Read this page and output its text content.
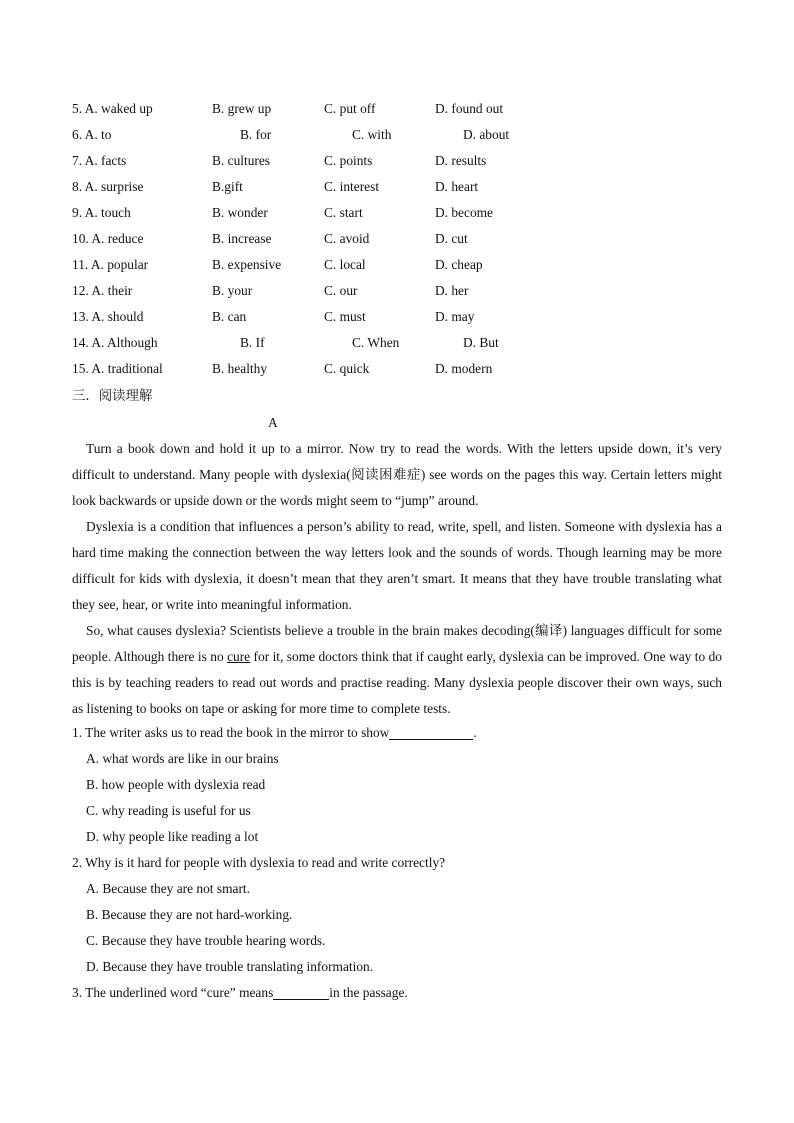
5. A. waked up	B. grew up	C. put off	D. found out
6. A. to	B. for	C. with	D. about
7. A. facts	B. cultures	C. points	D. results
8. A. surprise	B.gift	C. interest	D. heart
9. A. touch	B. wonder	C. start	D. become
10. A. reduce	B. increase	C. avoid	D. cut
11. A. popular	B. expensive	C. local	D. cheap
12. A. their	B. your	C. our	D. her
13. A. should	B. can	C. must	D. may
14. A. Although	B. If	C. When	D. But
15. A. traditional	B. healthy	C. quick	D. modern
三．阅读理解
A

Turn a book down and hold it up to a mirror. Now try to read the words. With the letters upside down, it’s very difficult to understand. Many people with dyslexia(阅读困难症) see words on the pages this way. Certain letters might look backwards or upside down or the words might seem to “jump” around.

Dyslexia is a condition that influences a person’s ability to read, write, spell, and listen. Someone with dyslexia has a hard time making the connection between the way letters look and the sounds of words. Though learning may be more difficult for kids with dyslexia, it doesn’t mean that they aren’t smart. It means that they have trouble translating what they see, hear, or write into meaningful information.

So, what causes dyslexia? Scientists believe a trouble in the brain makes decoding(编译) languages difficult for some people. Although there is no cure for it, some doctors think that if caught early, dyslexia can be improved. One way to do this is by teaching readers to read out words and practise reading. Many dyslexia people discover their own ways, such as listening to books on tape or asking for more time to complete tests.

1. The writer asks us to read the book in the mirror to show	.
A. what words are like in our brains
B. how people with dyslexia read
C. why reading is useful for us
D. why people like reading a lot
2. Why is it hard for people with dyslexia to read and write correctly?
A. Because they are not smart.
B. Because they are not hard-working.
C. Because they have trouble hearing words.
D. Because they have trouble translating information.
3. The underlined word “cure” means	in the passage.
